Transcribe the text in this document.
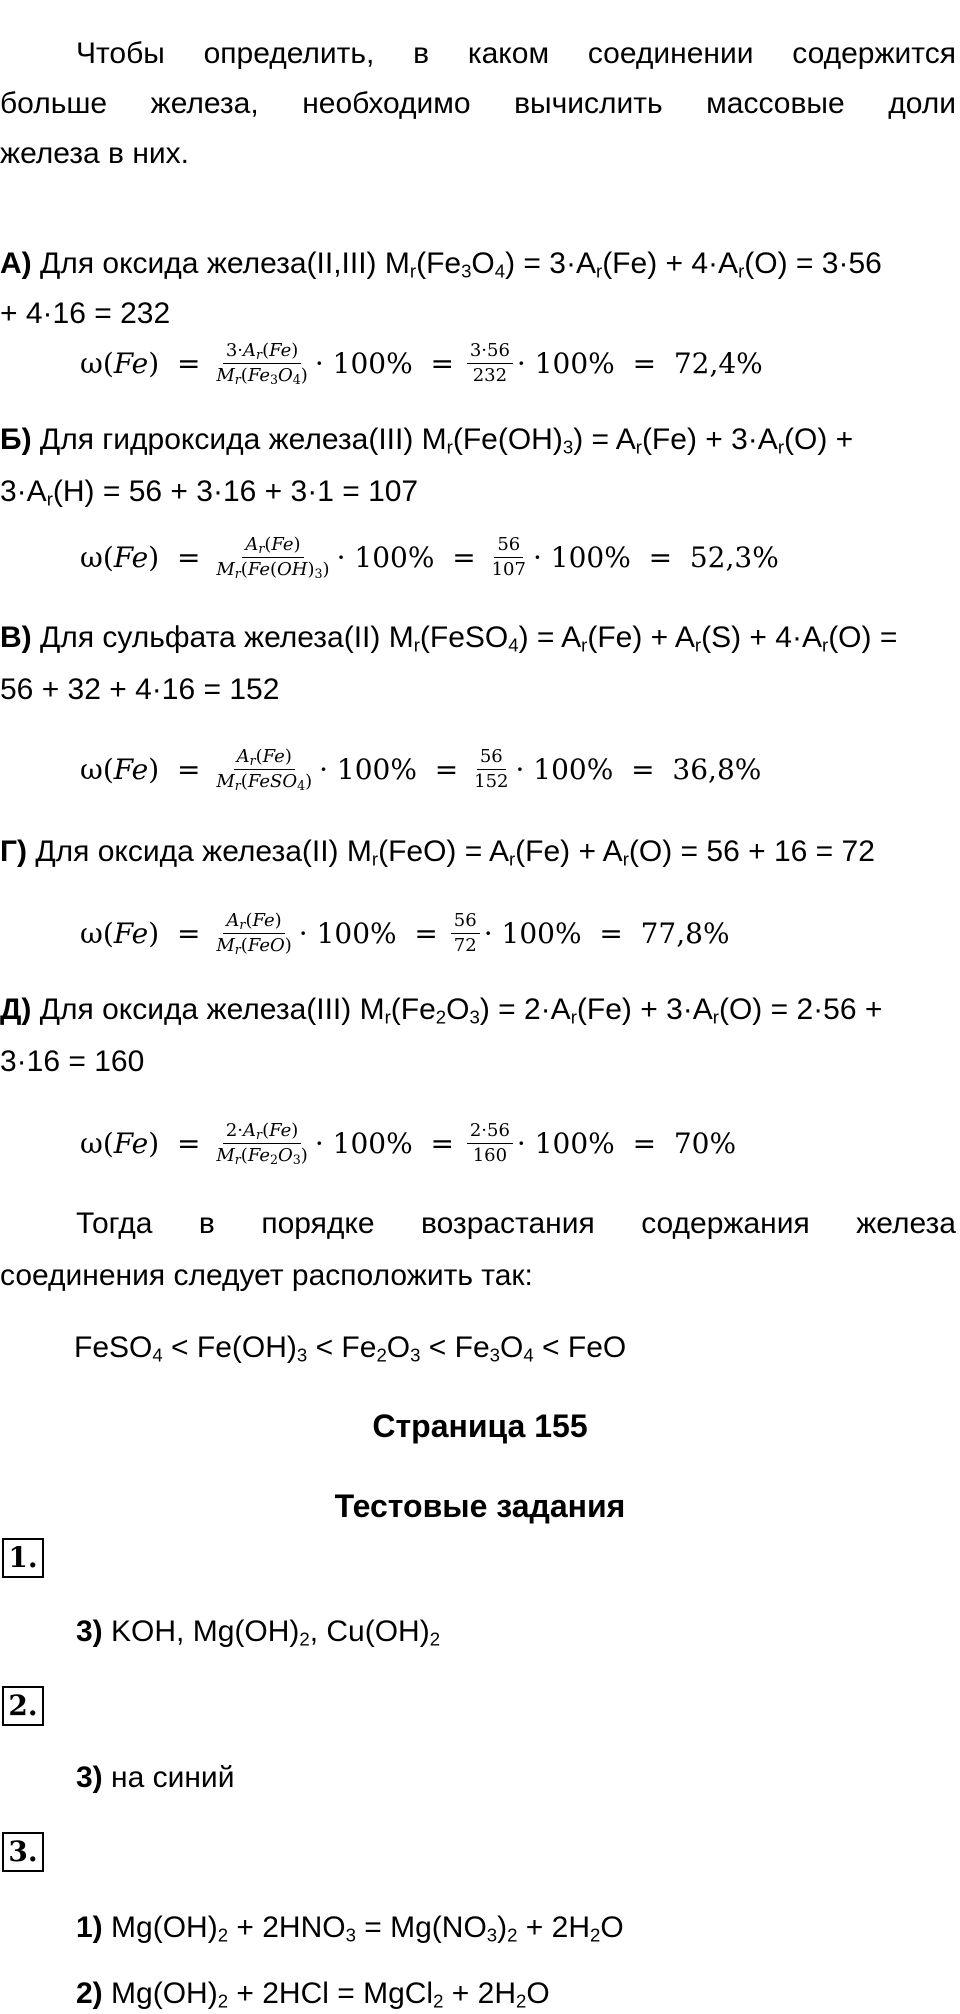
Чтобы определить, в каком соединении содержится
больше железа, необходимо вычислить массовые доли
железа в них.
А) Для оксида железа(II,III) $M_r(Fe_3O_4) = 3\cdot A_r(Fe) + 4\cdot A_r(O) = 3\cdot 56$
+ 4·16 = 232
$\omega(Fe) = \frac{3\cdot A_r(Fe)}{M_r(Fe_3O_4)} \cdot 100\% = \frac{3\cdot 56}{232} \cdot 100\% = 72,4\%$
Б) Для гидроксида железа(III) $M_r(Fe(OH)_3) = A_r(Fe) + 3\cdot A_r(O)$ +
$3\cdot A_r(H) = 56 + 3\cdot 16 + 3\cdot 1 = 107$
$\omega(Fe) = \frac{A_r(Fe)}{M_r(Fe(OH)_3)} \cdot 100\% = \frac{56}{107} \cdot 100\% = 52,3\%$
В) Для сульфата железа(II) $M_r(FeSO_4) = A_r(Fe) + A_r(S) + 4\cdot A_r(O)$ =
56 + 32 + 4·16 = 152
$\omega(Fe) = \frac{A_r(Fe)}{M_r(FeSO_4)} \cdot 100\% = \frac{56}{152} \cdot 100\% = 36,8\%$
Г) Для оксида железа(II) $M_r(FeO) = A_r(Fe) + A_r(O) = 56 + 16 = 72$
$\omega(Fe) = \frac{A_r(Fe)}{M_r(FeO)} \cdot 100\% = \frac{56}{72} \cdot 100\% = 77,8\%$
Д) Для оксида железа(III) $M_r(Fe_2O_3) = 2\cdot A_r(Fe) + 3\cdot A_r(O) = 2\cdot 56$ +
3·16 = 160
$\omega(Fe) = \frac{2\cdot A_r(Fe)}{M_r(Fe_2O_3)} \cdot 100\% = \frac{2\cdot 56}{160} \cdot 100\% = 70\%$
Тогда в порядке возрастания содержания железа
соединения следует расположить так:
FeSO$_4$ < $Fe(OH)_3 < Fe_2O_3 < Fe_3O_4$ < FeO
Страница 155
Тестовые задания
1.
3) KOH, $Mg(OH)_2$, $Cu(OH)_2$
2.
3) на синий
3.
1) $Mg(OH)_2 + 2HNO_3 = Mg(NO_3)_2 + 2H_2O$
2) $Mg(OH)_2 + 2HCl$ = MgCl$_2$ + $2H_2O$
